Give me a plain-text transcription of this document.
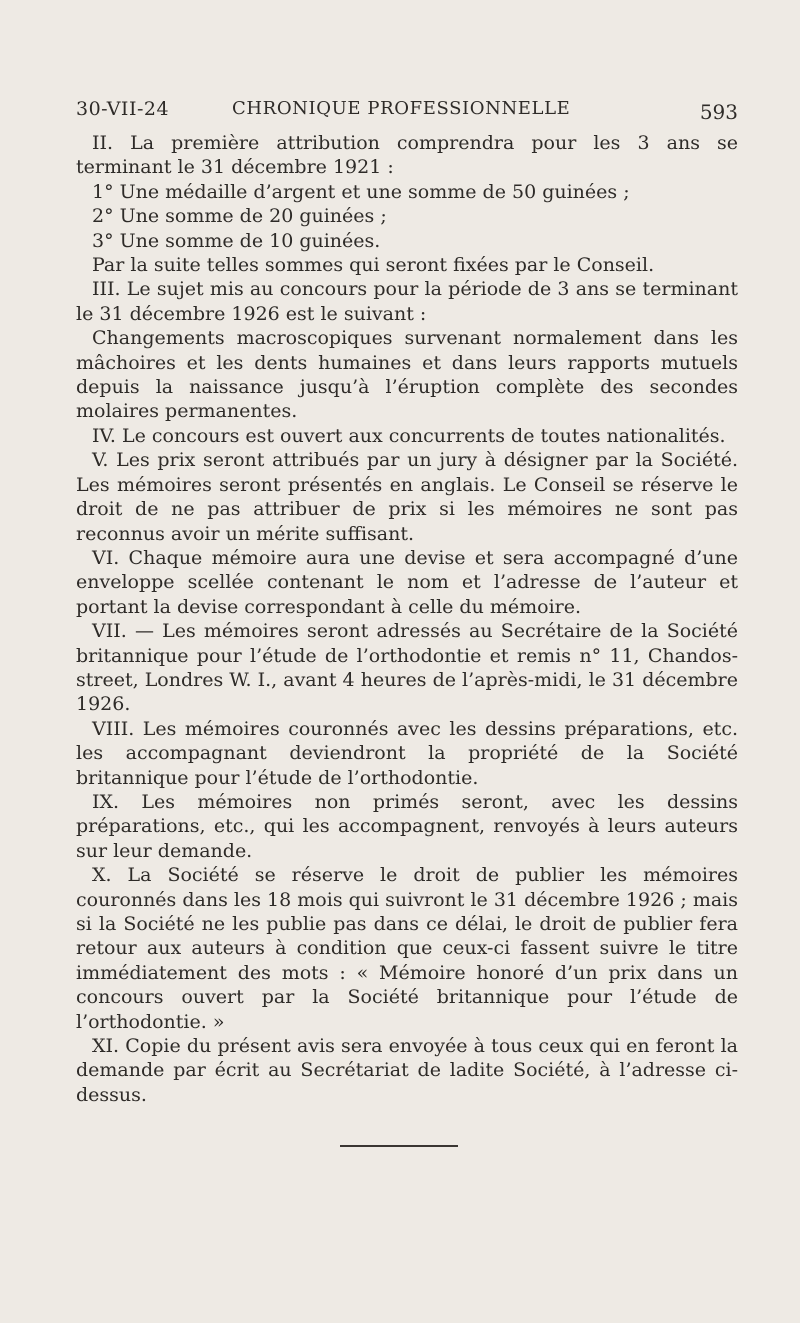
30-VII-24	CHRONIQUE PROFESSIONNELLE	593

II. La première attribution comprendra pour les 3 ans se terminant le 31 décembre 1921 :

1° Une médaille d’argent et une somme de 50 guinées ;

2° Une somme de 20 guinées ;

3° Une somme de 10 guinées.

Par la suite telles sommes qui seront fixées par le Conseil.

III. Le sujet mis au concours pour la période de 3 ans se terminant le 31 décembre 1926 est le suivant :

Changements macroscopiques survenant normalement dans les mâchoires et les dents humaines et dans leurs rapports mutuels depuis la naissance jusqu’à l’éruption complète des secondes molaires permanentes.

IV. Le concours est ouvert aux concurrents de toutes nationalités.

V. Les prix seront attribués par un jury à désigner par la Société. Les mémoires seront présentés en anglais. Le Conseil se réserve le droit de ne pas attribuer de prix si les mémoires ne sont pas reconnus avoir un mérite suffisant.

VI. Chaque mémoire aura une devise et sera accompagné d’une enveloppe scellée contenant le nom et l’adresse de l’auteur et portant la devise correspondant à celle du mémoire.

VII. — Les mémoires seront adressés au Secrétaire de la Société britannique pour l’étude de l’orthodontie et remis n° 11, Chandos-street, Londres W. I., avant 4 heures de l’après-midi, le 31 décembre 1926.

VIII. Les mémoires couronnés avec les dessins préparations, etc. les accompagnant deviendront la propriété de la Société britannique pour l’étude de l’orthodontie.

IX. Les mémoires non primés seront, avec les dessins préparations, etc., qui les accompagnent, renvoyés à leurs auteurs sur leur demande.

X. La Société se réserve le droit de publier les mémoires couronnés dans les 18 mois qui suivront le 31 décembre 1926 ; mais si la Société ne les publie pas dans ce délai, le droit de publier fera retour aux auteurs à condition que ceux-ci fassent suivre le titre immédiatement des mots : « Mémoire honoré d’un prix dans un concours ouvert par la Société britannique pour l’étude de l’orthodontie. »

XI. Copie du présent avis sera envoyée à tous ceux qui en feront la demande par écrit au Secrétariat de ladite Société, à l’adresse ci-dessus.
